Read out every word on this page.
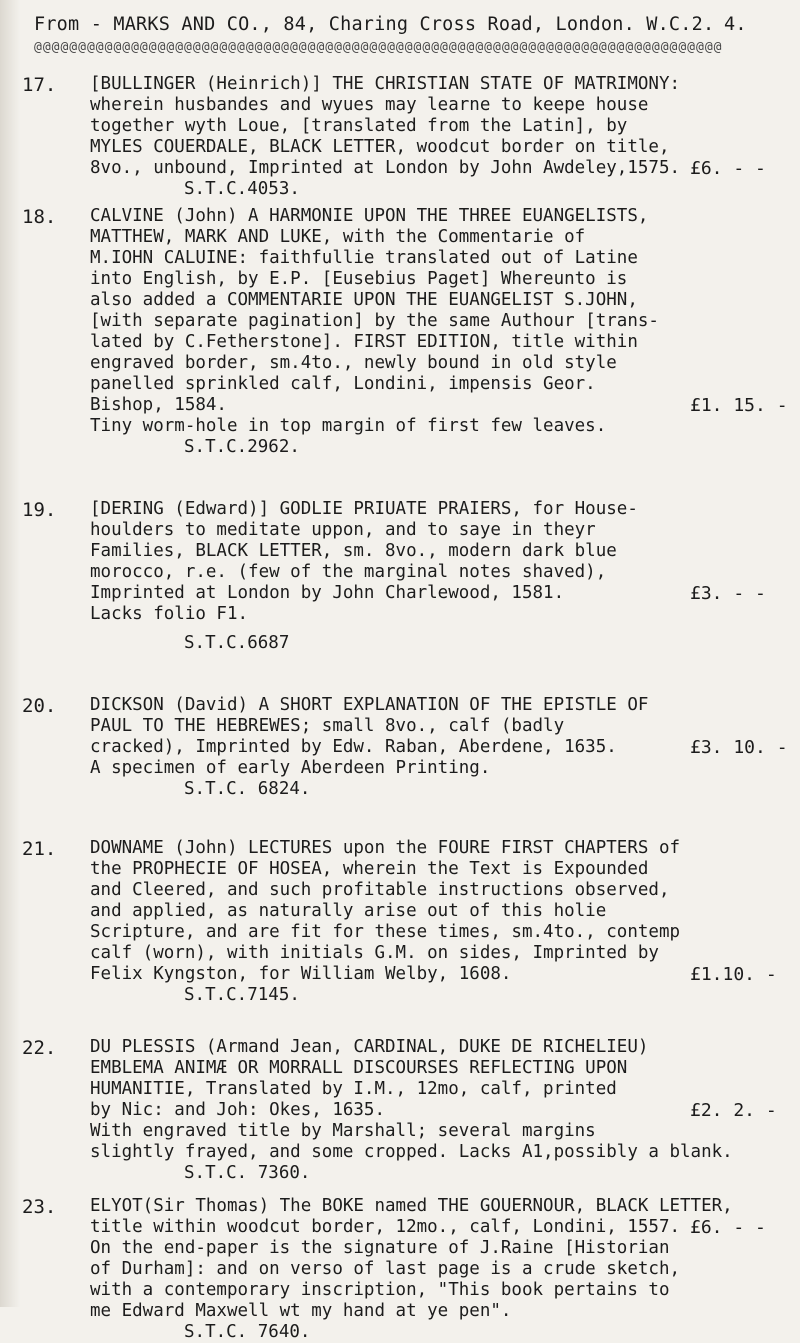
From - MARKS AND CO., 84, Charing Cross Road, London. W.C.2. 4.
@@@@@@@@@@@@@@@@@@@@@@@@@@@@@@@@@@@@@@@@@@@@@@@@@@@@@@@@@@@@@@@@@@@@@@@@@@@@@@
17. [BULLINGER (Heinrich)] THE CHRISTIAN STATE OF MATRIMONY:
wherein husbandes and wyues may learne to keepe house
together wyth Loue, [translated from the Latin], by
MYLES COUERDALE, BLACK LETTER, woodcut border on title,
8vo., unbound, Imprinted at London by John Awdeley,1575.
S.T.C.4053.
£6. - -
18. CALVINE (John) A HARMONIE UPON THE THREE EUANGELISTS,
MATTHEW, MARK AND LUKE, with the Commentarie of
M.IOHN CALUINE: faithfullie translated out of Latine
into English, by E.P. [Eusebius Paget] Whereunto is
also added a COMMENTARIE UPON THE EUANGELIST S.JOHN,
[with separate pagination] by the same Authour [trans-
lated by C.Fetherstone]. FIRST EDITION, title within
engraved border, sm.4to., newly bound in old style
panelled sprinkled calf, Londini, impensis Geor.
Bishop, 1584.
Tiny worm-hole in top margin of first few leaves.
S.T.C.2962.
£1. 15. -
19. [DERING (Edward)] GODLIE PRIUATE PRAIERS, for House-
houlders to meditate uppon, and to saye in theyr
Families, BLACK LETTER, sm. 8vo., modern dark blue
morocco, r.e. (few of the marginal notes shaved),
Imprinted at London by John Charlewood, 1581.
Lacks folio F1.
S.T.C.6687
£3. - -
20. DICKSON (David) A SHORT EXPLANATION OF THE EPISTLE OF
PAUL TO THE HEBREWES; small 8vo., calf (badly
cracked), Imprinted by Edw. Raban, Aberdene, 1635.
A specimen of early Aberdeen Printing.
S.T.C. 6824.
£3. 10. -
21. DOWNAME (John) LECTURES upon the FOURE FIRST CHAPTERS of
the PROPHECIE OF HOSEA, wherein the Text is Expounded
and Cleered, and such profitable instructions observed,
and applied, as naturally arise out of this holie
Scripture, and are fit for these times, sm.4to., contemp
calf (worn), with initials G.M. on sides, Imprinted by
Felix Kyngston, for William Welby, 1608.
S.T.C.7145.
£1.10. -
22. DU PLESSIS (Armand Jean, CARDINAL, DUKE DE RICHELIEU)
EMBLEMA ANIMÆ OR MORRALL DISCOURSES REFLECTING UPON
HUMANITIE, Translated by I.M., 12mo, calf, printed
by Nic: and Joh: Okes, 1635.
With engraved title by Marshall; several margins
slightly frayed, and some cropped. Lacks A1,possibly a blank.
S.T.C. 7360.
£2. 2. -
23. ELYOT(Sir Thomas) The BOKE named THE GOUERNOUR, BLACK LETTER,
title within woodcut border, 12mo., calf, Londini, 1557.
On the end-paper is the signature of J.Raine [Historian
of Durham]: and on verso of last page is a crude sketch,
with a contemporary inscription, "This book pertains to
me Edward Maxwell wt my hand at ye pen".
S.T.C. 7640.
£6. - -
